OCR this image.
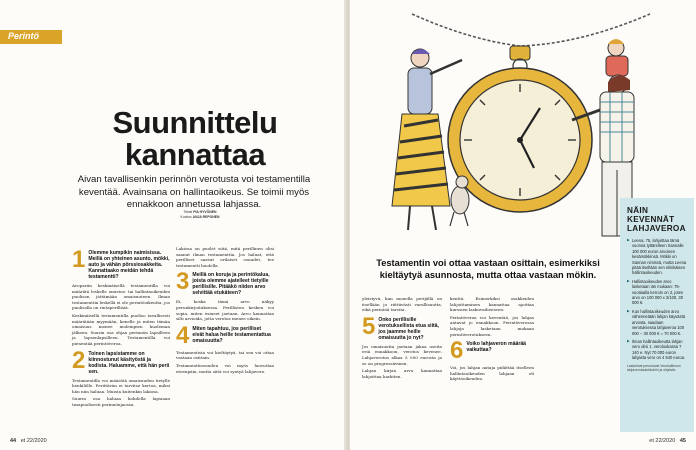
Perintö
Suunnittelu
kannattaa
Aivan tavallisenkin perinnön verotusta voi testamentilla keventää. Avainsana on hallintaoikeus. Se toimii myös ennakkoon annetussa lahjassa.
Teksti PIA HYVÖNEN
Kuvitus ANJA REPONEN
1 Olemme kumpikin naimisissa. Meillä on yhteinen asunto, mökki, auto ja vähän pörssiosakkeita. Kannattaako meidän tehdä testamentti?

Avopariin keskinäisellä testamentilla voi määrätä leskelle omistus- tai hallintaoikeuden puolison jättämään omaisuuteen. Ilman testamenttia leskellä ei ole perintöoikeutta, jos puolisolla on rintaperillisiä.

Keskinäisellä testamentilla puoliso tavallisesti määrätään myymään, kenelle ja miten tämän omaisuus menee molempien kuoleman jälkeen. Suurin osa ohjaa perinnön lapsilleen ja lapsenlapsilleen. Testamentilla voi pienentää perintöveroa.

2 Toinen lapsistamme on kiinnostunut käsityöstä ja kodista. Haluamme, että hän perii sen.

Testamentilla voi määrätä omaisuuden tietylle henkilölle. Perittävän ei tarvitse kertoa, miksi hän niin haluaa. Muista kuitenkin lakiosa.

Suurin osa haluaa kohdella lapsiaan tasapuolisesti perinnönjaossa.

Lakiosa on puolet siitä, mitä perillinen olisi saanut ilman testamenttia. Jos haluat, että perilliset saavat erilaiset osuudet, tee testamentti huolella.

3 Meillä on koruja ja perintökalua, joista olemme ajatelleet tietyille perillisille. Pitääkö niiden arvo selvittää etukäteen?

Ei, koska tämä arvo näkyy perunkirjoituksessa. Perillisten kesken voi sopia, miten esineet jaetaan. Arvo kannattaa silti arvioida, jotta verotus menee oikein.

4 Miten tapahtuu, jos perilliset eivät halua heille testamentattua omaisuutta?

Testamentista voi kieltäytyä, tai sen voi ottaa vastaan osittain.

Testamenttiosuuden voi myös luovuttaa eteenpäin, mutta siitä voi syntyä lahjavero.

44 et 22/2020
Testamentin voi ottaa vastaan osittain, esimerkiksi kieltäytyä asunnosta, mutta ottaa vastaan mökin.

yleistyvä, kun monella perijällä on itsellään jo riittävästi varallisuutta, eikä perintöä tarvita.

5 Onko perillisille verotuksellista etua siitä, jos jaamme heille omaisuutta jo nyt?

Jos omaisuutta jaetaan jakaa useita eriä ennakkoon, verotus kevenee. Lahjaverotus alkaa 5 000 eurosta ja se on progressiivinen.

Lahjan kirjaa arvo kannattaa lahjoittaa harkiten.

kenttä. Esimerkiksi osakkeiden lahjoittaminen kannattaa ajoittaa kurssien laskuvaiheeseen.

Perintöveroa voi keventää, jos lahjaa antavat jo ennakkoon. Perintöverossa lahjoja lasketaan mukaan perintöverotukseen.

6 Voiko lahjaveron määrää vaikuttaa?

Voi, jos lahjan antaja pidättää itselleen hallintaoikeuden lahjaan eli käyttöoikeuden.

NÄIN KEVENNÄT LAHJAVEROA
▶ Leena, 75, lahjoittaa tämä vuonna tyttärelleen Sannalle 100 000 euron arvoisen kesämökkinsä. Mökki on Sannan nimissä, mutta Leena pitää itsellään sen elinikäisen hallintaoikeuden.
▶ Hallintaoikeuden arvo lasketaan iän mukaan: 75-vuotiaalla kerroin on 3, joten arvo on 100 000 x 3/100, 30 000 €.
▶ Kun hallintaoikeuden arvo vähennetään lahjan käyvästä arvosta, saadaan verotuksessa lahjaveroa 100 000 − 30 000 € = 70 000 €.
▶ Ilman hallintaoikeutta lahjan vero olisi 1. veroluokassa 7 140 e. Nyt 70 000 euron lahjasta vero on 4 540 euroa.
Laskelmat perustuvat Verohallinnon lahjaverotaulukkoihin ja ohjeisiin.
et 22/2020 45
